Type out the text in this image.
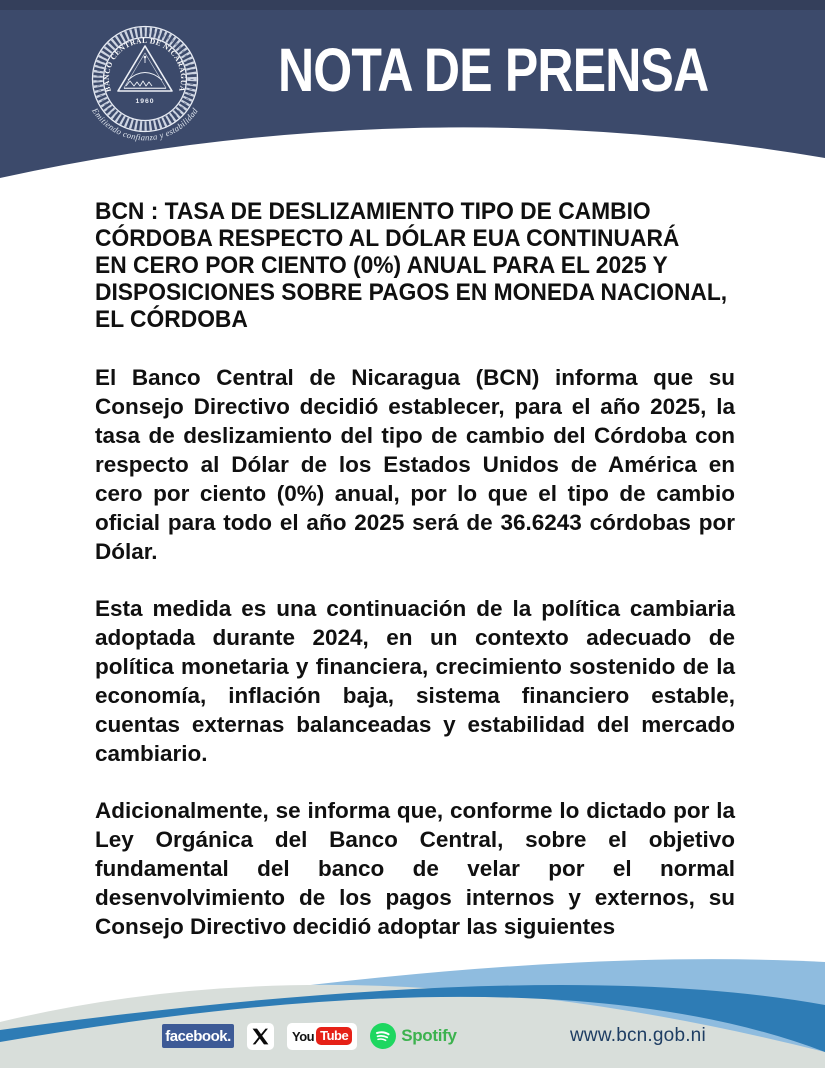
NOTA DE PRENSA
BANCO CENTRAL DE NICARAGUA
1960
Emitiendo confianza y estabilidad
BCN : TASA DE DESLIZAMIENTO TIPO DE CAMBIO
CÓRDOBA RESPECTO AL DÓLAR EUA CONTINUARÁ
EN CERO POR CIENTO (0%) ANUAL PARA EL 2025 Y
DISPOSICIONES SOBRE PAGOS EN MONEDA NACIONAL,
EL CÓRDOBA

El Banco Central de Nicaragua (BCN) informa que su Consejo Directivo decidió establecer, para el año 2025, la tasa de deslizamiento del tipo de cambio del Córdoba con respecto al Dólar de los Estados Unidos de América en cero por ciento (0%) anual, por lo que el tipo de cambio oficial para todo el año 2025 será de 36.6243 córdobas por Dólar.

Esta medida es una continuación de la política cambiaria adoptada durante 2024, en un contexto adecuado de política monetaria y financiera, crecimiento sostenido de la economía, inflación baja, sistema financiero estable, cuentas externas balanceadas y estabilidad del mercado cambiario.

Adicionalmente, se informa que, conforme lo dictado por la Ley Orgánica del Banco Central, sobre el objetivo fundamental del banco de velar por el normal desenvolvimiento de los pagos internos y externos, su Consejo Directivo decidió adoptar las siguientes

facebook.	You Tube	Spotify	www.bcn.gob.ni
